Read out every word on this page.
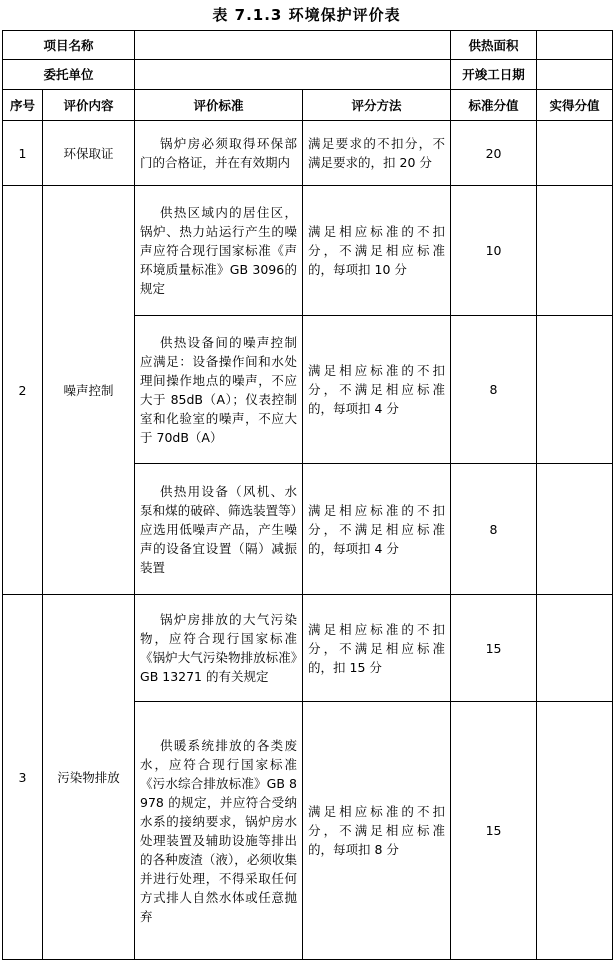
表 7.1.3 环境保护评价表
项目名称				供热面积	
委托单位				开竣工日期	
序号	评价内容	评价标准	评分方法	标准分值	实得分值
1	环保取证	锅炉房必须取得环保部门的合格证，并在有效期内	满足要求的不扣分，不满足要求的，扣 20 分	20	
2	噪声控制	供热区域内的居住区，锅炉、热力站运行产生的噪声应符合现行国家标准《声环境质量标准》GB 3096的规定	满足相应标准的不扣分，不满足相应标准的，每项扣 10 分	10	
		供热设备间的噪声控制应满足：设备操作间和水处理间操作地点的噪声，不应大于 85dB（A）；仪表控制室和化验室的噪声，不应大于 70dB（A）	满足相应标准的不扣分，不满足相应标准的，每项扣 4 分	8	
		供热用设备（风机、水泵和煤的破碎、筛选装置等）应选用低噪声产品，产生噪声的设备宜设置（隔）减振装置	满足相应标准的不扣分，不满足相应标准的，每项扣 4 分	8	
3	污染物排放	锅炉房排放的大气污染物，应符合现行国家标准《锅炉大气污染物排放标准》GB 13271 的有关规定	满足相应标准的不扣分，不满足相应标准的，扣 15 分	15	
		供暖系统排放的各类废水，应符合现行国家标准《污水综合排放标准》GB 8978 的规定，并应符合受纳水系的接纳要求，锅炉房水处理装置及辅助设施等排出的各种废渣（液），必须收集并进行处理，不得采取任何方式排人自然水体或任意抛弃	满足相应标准的不扣分，不满足相应标准的，每项扣 8 分	15	
